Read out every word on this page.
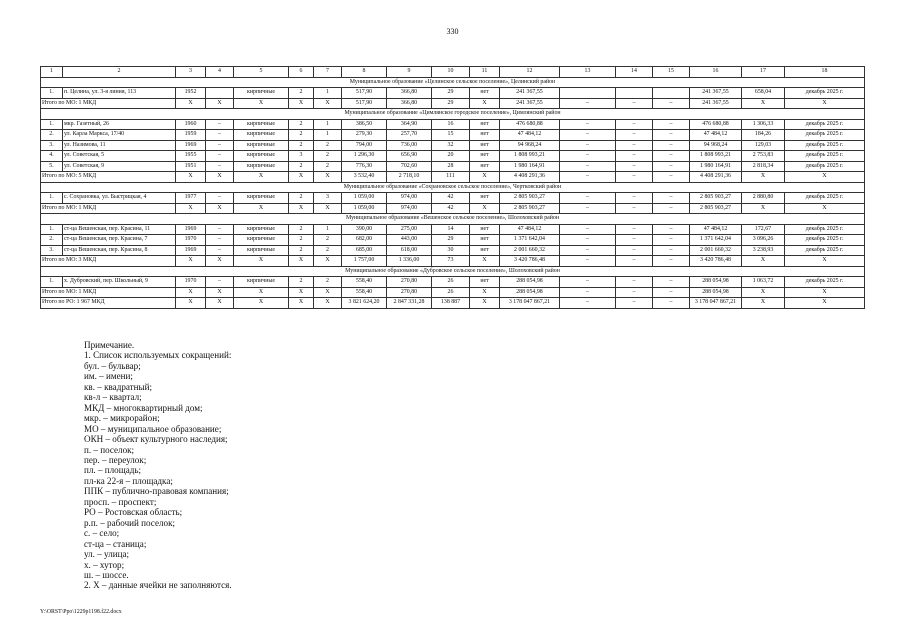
330
1	2	3	4	5	6	7	8	9	10	11	12	13	14	15	16	17	18
Муниципальное образование «Целинское сельское поселение», Целинский район																	
1.	п. Целина, ул. 3-я линия, 113	1952		кирпичные	2	1	517,90	366,80	29	нет	241 367,55				241 367,55	658,04	декабрь 2025 г.
Итого по МО: 1 МКД		X	X	X	X	X	517,90	366,80	29	X	241 367,55	–	–	–	241 367,55	X	X
Муниципальное образование «Цимлянское городское поселение», Цимлянский район																	
1.	мкр. Газетный, 26	1960	–	кирпичные	2	1	386,50	364,90	16	нет	476 680,88	–	–	–	476 680,88	1 306,33	декабрь 2025 г.
2.	ул. Карла Маркса, 17/40	1959	–	кирпичные	2	1	279,30	257,70	15	нет	47 484,12	–	–	–	47 484,12	184,26	декабрь 2025 г.
3.	ул. Назимова, 11	1969	–	кирпичные	2	2	794,00	736,00	32	нет	94 968,24	–	–	–	94 968,24	129,03	декабрь 2025 г.
4.	ул. Советская, 5	1955	–	кирпичные	3	2	1 296,30	656,90	20	нет	1 808 993,21	–	–	–	1 808 993,21	2 753,83	декабрь 2025 г.
5.	ул. Советская, 9	1951	–	кирпичные	2	2	776,30	702,60	28	нет	1 980 164,91	–	–	–	1 980 164,91	2 818,34	декабрь 2025 г.
Итого по МО: 5 МКД		X	X	X	X	X	3 532,40	2 718,10	111	X	4 408 291,36	–	–	–	4 408 291,36	X	X
Муниципальное образование «Сохрановское сельское поселение», Чертковский район																	
1.	с. Сохрановка, ул. Быстрицкая, 4	1977	–	кирпичные	2	3	1 059,00	974,00	42	нет	2 805 903,27	–	–	–	2 805 903,27	2 880,80	декабрь 2025 г.
Итого по МО: 1 МКД		X	X	X	X	X	1 059,00	974,00	42	X	2 805 903,27	–	–	–	2 805 903,27	X	X
Муниципальное образование «Вешенское сельское поселение», Шолоховский район																	
1.	ст-ца Вешенская, пер. Красина, 11	1969	–	кирпичные	2	1	390,00	275,00	14	нет	47 484,12	–	–	–	47 484,12	172,67	декабрь 2025 г.
2.	ст-ца Вешенская, пер. Красина, 7	1970	–	кирпичные	2	2	682,00	443,00	29	нет	1 371 642,04	–	–	–	1 371 642,04	3 096,26	декабрь 2025 г.
3.	ст-ца Вешенская, пер. Красина, 8	1969	–	кирпичные	2	2	685,00	618,00	30	нет	2 001 660,32	–	–	–	2 001 660,32	3 238,93	декабрь 2025 г.
Итого по МО: 3 МКД		X	X	X	X	X	1 757,00	1 336,00	73	X	3 420 786,48	–	–	–	3 420 786,48	X	X
Муниципальное образование «Дубровское сельское поселение», Шолоховский район																	
1.	х. Дубровский, пер. Школьный, 9	1970	–	кирпичные	2	2	558,40	270,80	26	нет	288 054,98	–	–	–	288 054,98	1 063,72	декабрь 2025 г.
Итого по МО: 1 МКД		X	X	X	X	X	558,40	270,80	26	X	288 054,98	–	–	–	288 054,98	X	X
Итого по РО: 1 967 МКД		X	X	X	X	X	3 821 624,20	2 847 331,28	138 887	X	3 178 047 867,21	–	–	–	3 178 047 867,21	X	X
Примечание.
1. Список используемых сокращений:
бул. – бульвар;
им. – имени;
кв. – квадратный;
кв-л – квартал;
МКД – многоквартирный дом;
мкр. – микрорайон;
МО – муниципальное образование;
ОКН – объект культурного наследия;
п. – поселок;
пер. – переулок;
пл. – площадь;
пл-ка 22-я – площадка;
ППК – публично-правовая компания;
просп. – проспект;
РО – Ростовская область;
р.п. – рабочий поселок;
с. – село;
ст-ца – станица;
ул. – улица;
х. – хутор;
ш. – шоссе.
2. X – данные ячейки не заполняются.
Y:\ORST\Ppo\1229p1198.f22.docx
